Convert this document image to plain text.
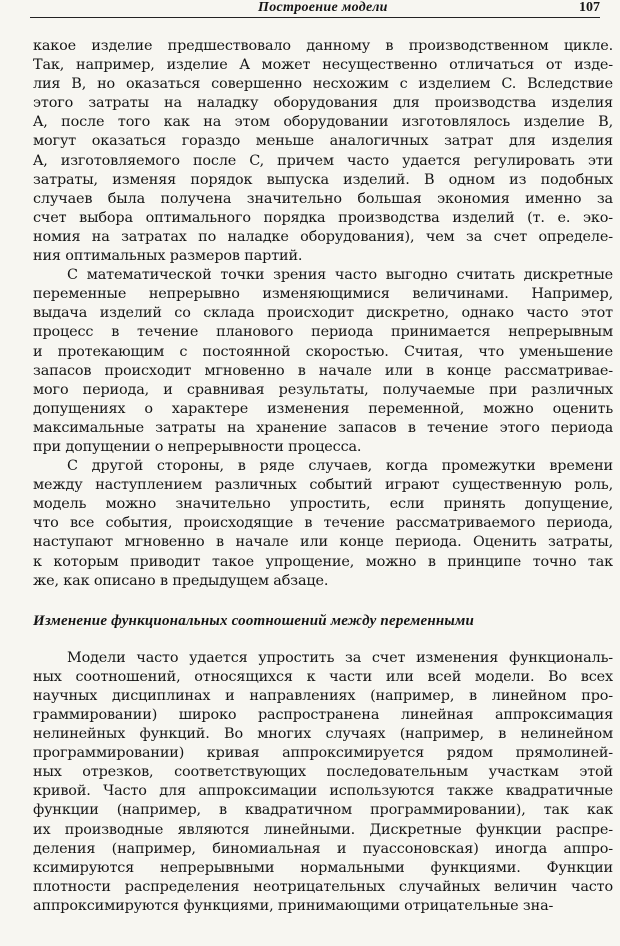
Построение модели	107
какое изделие предшествовало данному в производственном цикле.
Так, например, изделие A может несущественно отличаться от изде-
лия B, но оказаться совершенно несхожим с изделием C. Вследствие
этого затраты на наладку оборудования для производства изделия
A, после того как на этом оборудовании изготовлялось изделие B,
могут оказаться гораздо меньше аналогичных затрат для изделия
A, изготовляемого после C, причем часто удается регулировать эти
затраты, изменяя порядок выпуска изделий. В одном из подобных
случаев была получена значительно большая экономия именно за
счет выбора оптимального порядка производства изделий (т. е. эко-
номия на затратах по наладке оборудования), чем за счет определе-
ния оптимальных размеров партий.
С математической точки зрения часто выгодно считать дискретные
переменные непрерывно изменяющимися величинами. Например,
выдача изделий со склада происходит дискретно, однако часто этот
процесс в течение планового периода принимается непрерывным
и протекающим с постоянной скоростью. Считая, что уменьшение
запасов происходит мгновенно в начале или в конце рассматривае-
мого периода, и сравнивая результаты, получаемые при различных
допущениях о характере изменения переменной, можно оценить
максимальные затраты на хранение запасов в течение этого периода
при допущении о непрерывности процесса.
С другой стороны, в ряде случаев, когда промежутки времени
между наступлением различных событий играют существенную роль,
модель можно значительно упростить, если принять допущение,
что все события, происходящие в течение рассматриваемого периода,
наступают мгновенно в начале или конце периода. Оценить затраты,
к которым приводит такое упрощение, можно в принципе точно так
же, как описано в предыдущем абзаце.
Изменение функциональных соотношений между переменными
Модели часто удается упростить за счет изменения функциональ-
ных соотношений, относящихся к части или всей модели. Во всех
научных дисциплинах и направлениях (например, в линейном про-
граммировании) широко распространена линейная аппроксимация
нелинейных функций. Во многих случаях (например, в нелинейном
программировании) кривая аппроксимируется рядом прямолиней-
ных отрезков, соответствующих последовательным участкам этой
кривой. Часто для аппроксимации используются также квадратичные
функции (например, в квадратичном программировании), так как
их производные являются линейными. Дискретные функции распре-
деления (например, биномиальная и пуассоновская) иногда аппро-
ксимируются непрерывными нормальными функциями. Функции
плотности распределения неотрицательных случайных величин часто
аппроксимируются функциями, принимающими отрицательные зна-
